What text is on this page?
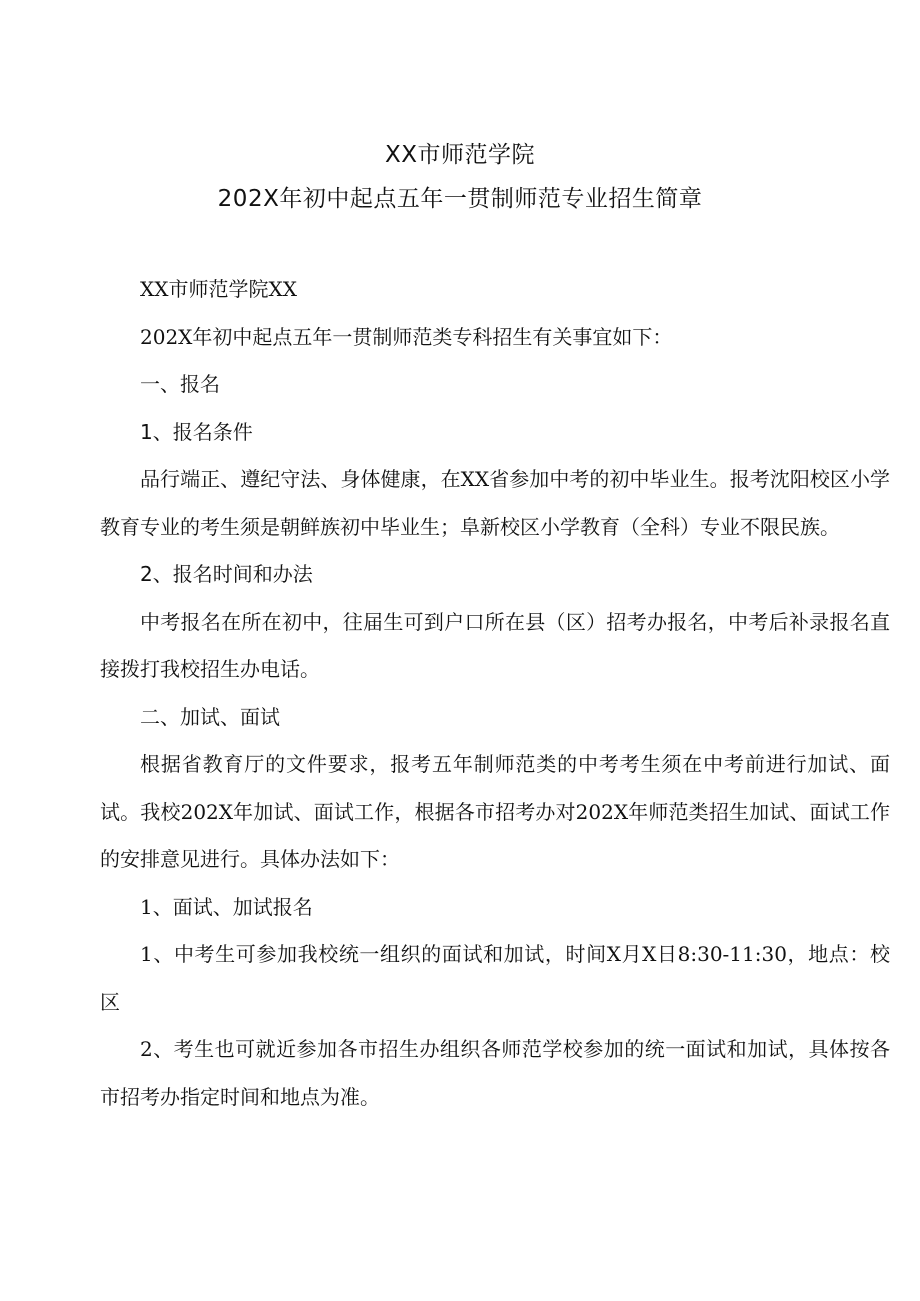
XX市师范学院
202X年初中起点五年一贯制师范专业招生简章

XX市师范学院XX

202X年初中起点五年一贯制师范类专科招生有关事宜如下：

一、报名

1、报名条件

品行端正、遵纪守法、身体健康，在XX省参加中考的初中毕业生。报考沈阳校区小学教育专业的考生须是朝鲜族初中毕业生；阜新校区小学教育（全科）专业不限民族。

2、报名时间和办法

中考报名在所在初中，往届生可到户口所在县（区）招考办报名，中考后补录报名直接拨打我校招生办电话。

二、加试、面试

根据省教育厅的文件要求，报考五年制师范类的中考考生须在中考前进行加试、面试。我校202X年加试、面试工作，根据各市招考办对202X年师范类招生加试、面试工作的安排意见进行。具体办法如下：

1、面试、加试报名

1、中考生可参加我校统一组织的面试和加试，时间X月X日8:30-11:30，地点：校区

2、考生也可就近参加各市招生办组织各师范学校参加的统一面试和加试，具体按各市招考办指定时间和地点为准。
